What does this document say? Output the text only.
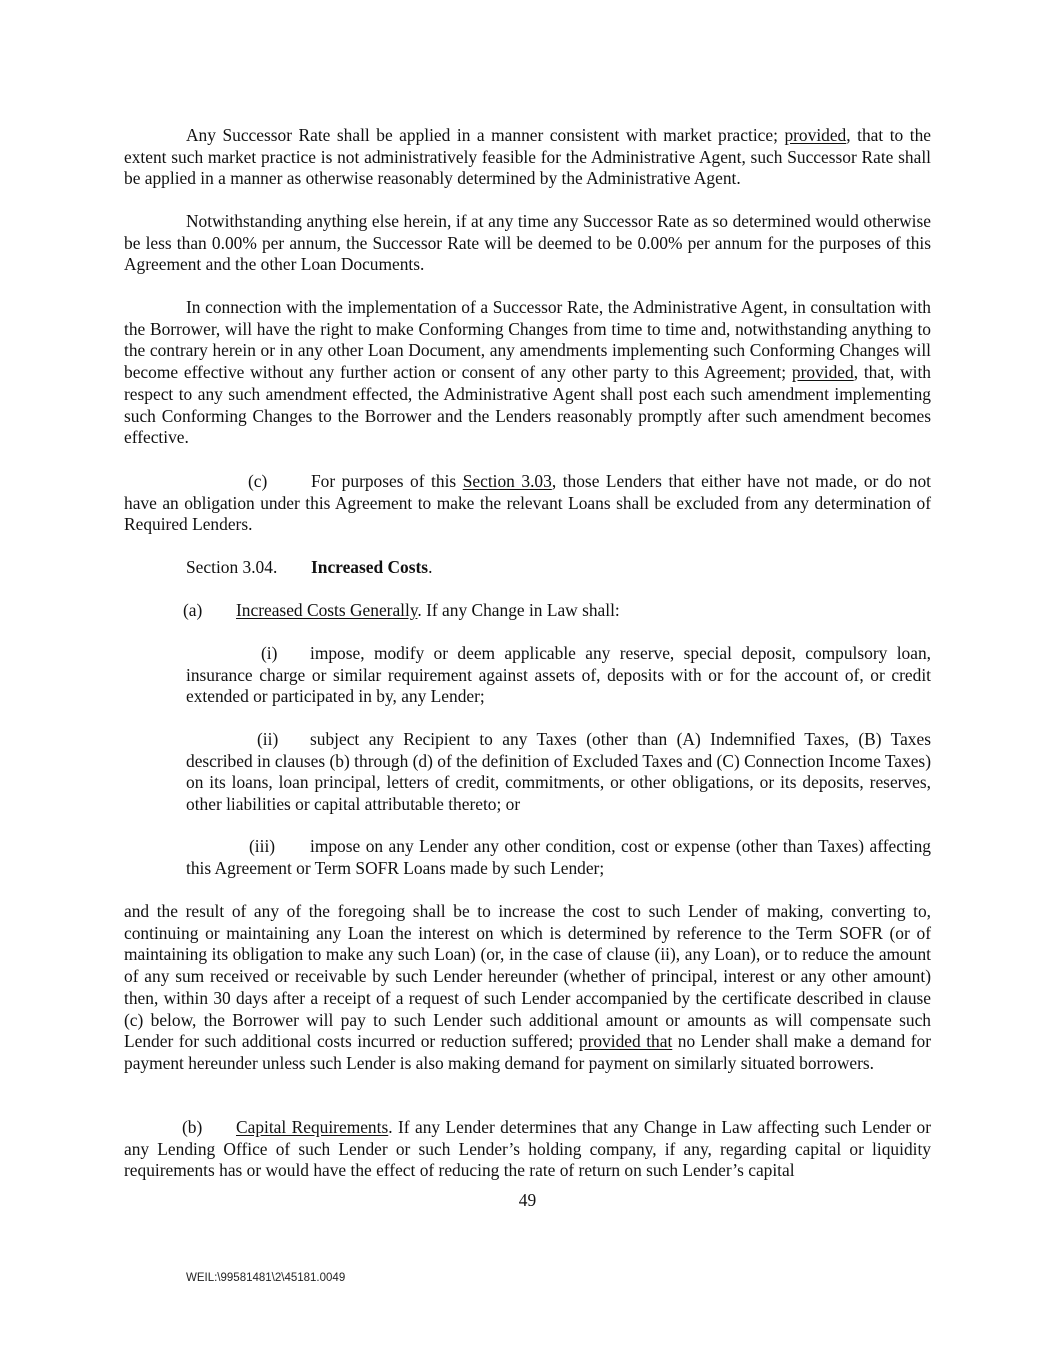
Any Successor Rate shall be applied in a manner consistent with market practice; provided, that to the extent such market practice is not administratively feasible for the Administrative Agent, such Successor Rate shall be applied in a manner as otherwise reasonably determined by the Administrative Agent.

Notwithstanding anything else herein, if at any time any Successor Rate as so determined would otherwise be less than 0.00% per annum, the Successor Rate will be deemed to be 0.00% per annum for the purposes of this Agreement and the other Loan Documents.

In connection with the implementation of a Successor Rate, the Administrative Agent, in consultation with the Borrower, will have the right to make Conforming Changes from time to time and, notwithstanding anything to the contrary herein or in any other Loan Document, any amendments implementing such Conforming Changes will become effective without any further action or consent of any other party to this Agreement; provided, that, with respect to any such amendment effected, the Administrative Agent shall post each such amendment implementing such Conforming Changes to the Borrower and the Lenders reasonably promptly after such amendment becomes effective.

(c)	For purposes of this Section 3.03, those Lenders that either have not made, or do not have an obligation under this Agreement to make the relevant Loans shall be excluded from any determination of Required Lenders.

Section 3.04. Increased Costs.

(a) Increased Costs Generally. If any Change in Law shall:

(i) impose, modify or deem applicable any reserve, special deposit, compulsory loan, insurance charge or similar requirement against assets of, deposits with or for the account of, or credit extended or participated in by, any Lender;

(ii) subject any Recipient to any Taxes (other than (A) Indemnified Taxes, (B) Taxes described in clauses (b) through (d) of the definition of Excluded Taxes and (C) Connection Income Taxes) on its loans, loan principal, letters of credit, commitments, or other obligations, or its deposits, reserves, other liabilities or capital attributable thereto; or

(iii) impose on any Lender any other condition, cost or expense (other than Taxes) affecting this Agreement or Term SOFR Loans made by such Lender;

and the result of any of the foregoing shall be to increase the cost to such Lender of making, converting to, continuing or maintaining any Loan the interest on which is determined by reference to the Term SOFR (or of maintaining its obligation to make any such Loan) (or, in the case of clause (ii), any Loan), or to reduce the amount of any sum received or receivable by such Lender hereunder (whether of principal, interest or any other amount) then, within 30 days after a receipt of a request of such Lender accompanied by the certificate described in clause (c) below, the Borrower will pay to such Lender such additional amount or amounts as will compensate such Lender for such additional costs incurred or reduction suffered; provided that no Lender shall make a demand for payment hereunder unless such Lender is also making demand for payment on similarly situated borrowers.

(b) Capital Requirements. If any Lender determines that any Change in Law affecting such Lender or any Lending Office of such Lender or such Lender’s holding company, if any, regarding capital or liquidity requirements has or would have the effect of reducing the rate of return on such Lender’s capital

49
WEIL:\99581481\2\45181.0049
